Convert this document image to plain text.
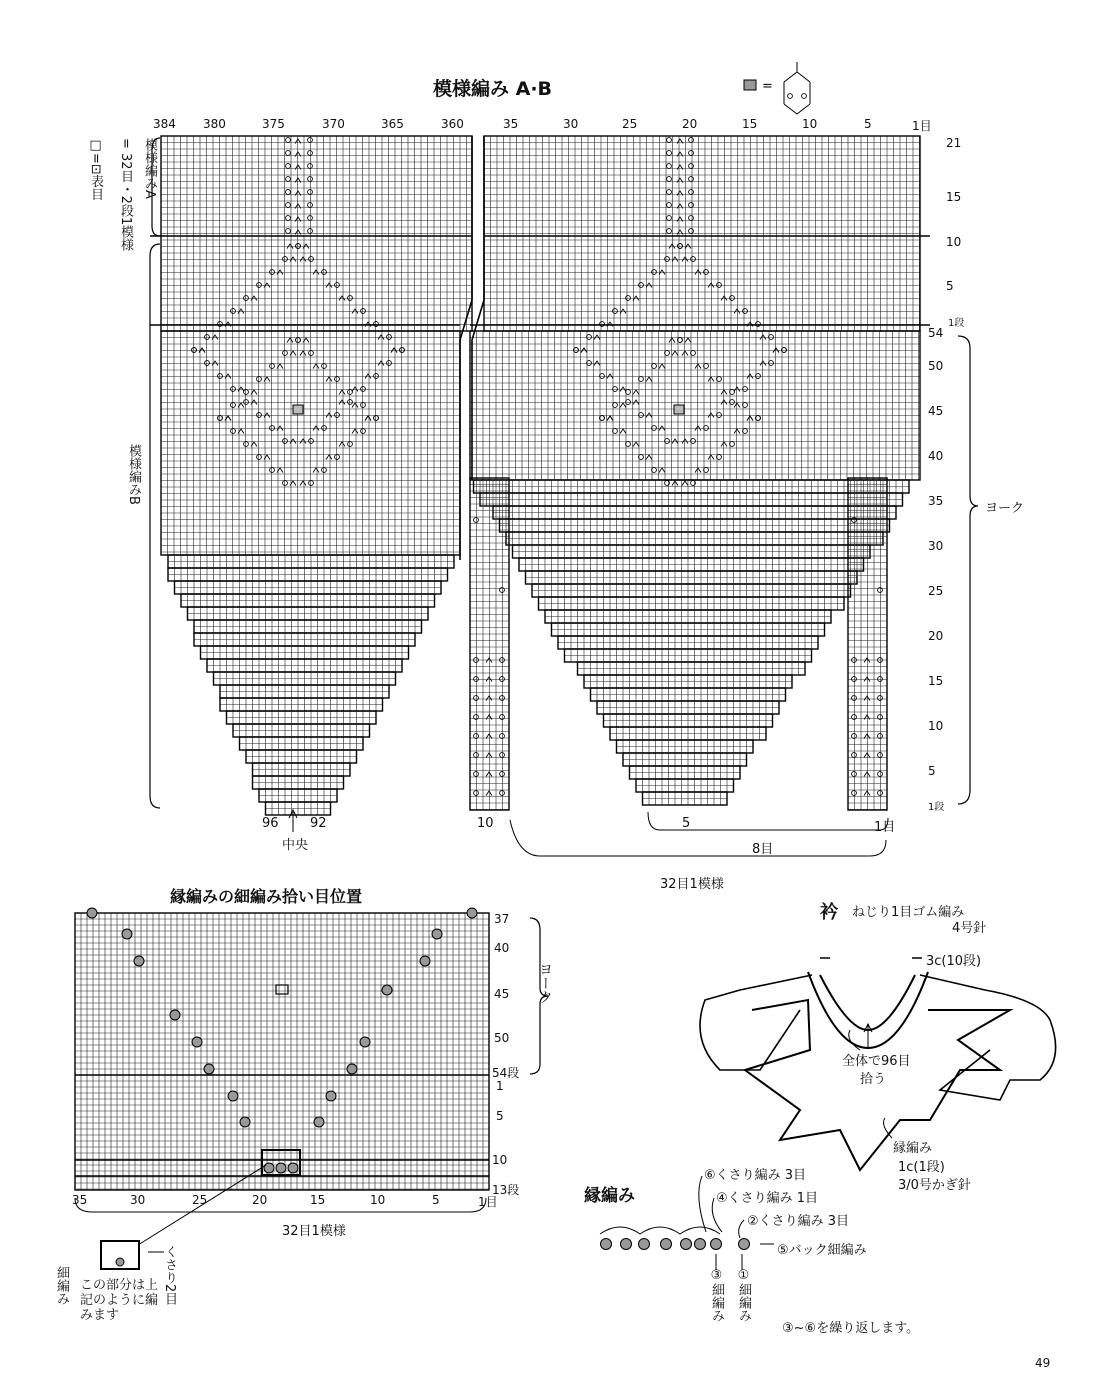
模様編み A·B	=
384 380	375	370	365	360	35	30	25	20	15	10	5	1目
21
15
10
5
1段
54
50
45
40
35
30
25
20
15
10
5
1段
模様編みA
= 32目・2段1模様
□=⊡表目
模様編みB
ヨーク
96 92
中央
10	5	1目
8目
32目1模様
縁編みの細編み拾い目位置
37
40
45
50
54段
1
5
10
13段
35	30	25	20	15	10	5	1目
ヨーク
32目1模様
細編み	くさり2目
この部分は上記のように編みます
衿 ねじり1目ゴム編み
4号針
3c(10段)
全体で96目
拾う
縁編み
1c(1段)
3/0号かぎ針
縁編み
⑥くさり編み 3目
④くさり編み 1目
②くさり編み 3目
⑤バック細編み
③細編み ①細編み
③~⑥を繰り返します。
49
